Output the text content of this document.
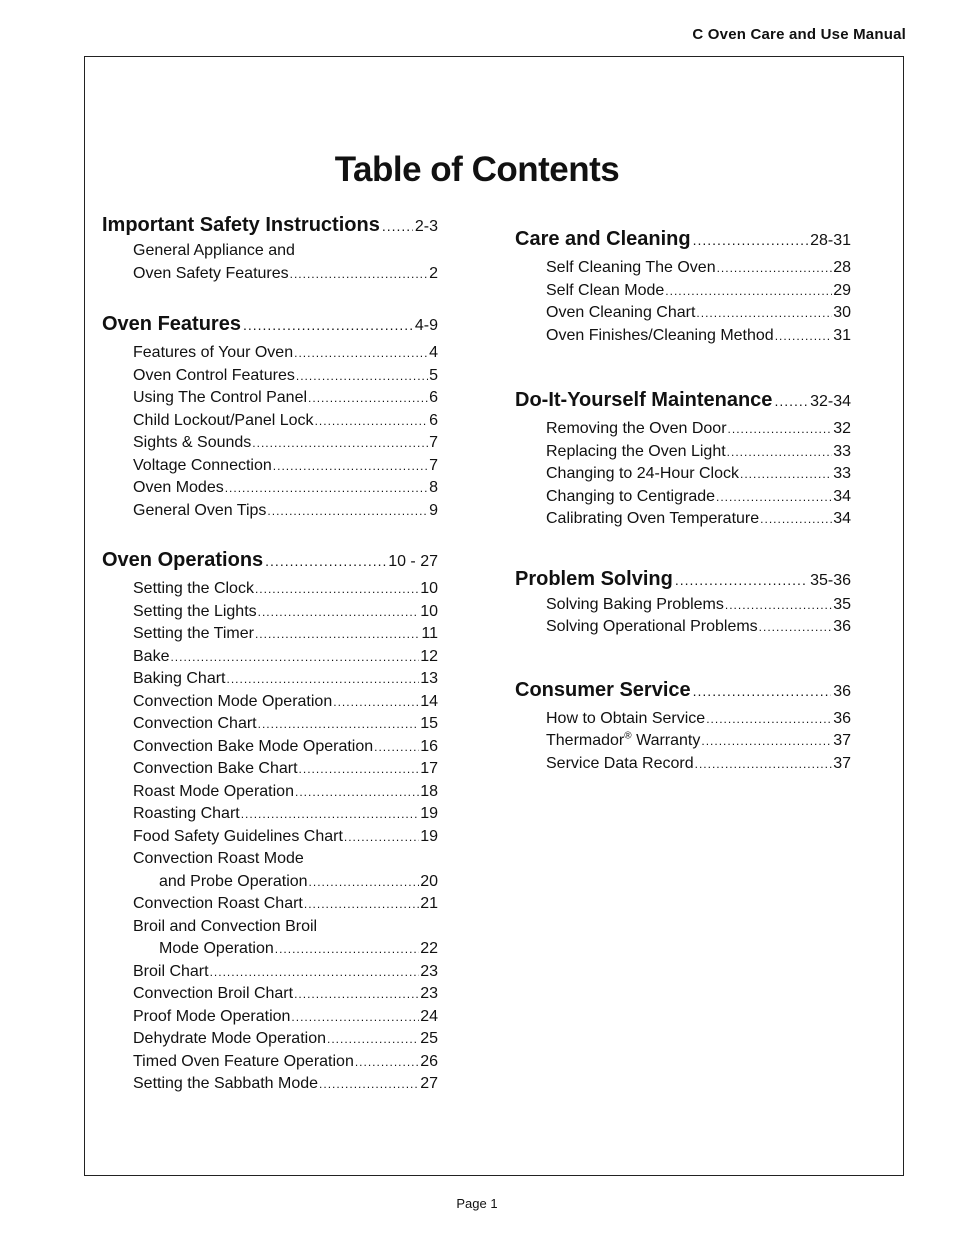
C Oven Care and Use Manual
Table of Contents
Important Safety Instructions ..... 2-3
General Appliance and
Oven Safety Features .....	2
Oven Features .....	4-9
Features of Your Oven .....	4
Oven Control Features .....	5
Using The Control Panel .....	6
Child Lockout/Panel Lock .....	6
Sights & Sounds .....	7
Voltage Connection .....	7
Oven Modes .....	8
General Oven Tips .....	9
Oven Operations .....	10 - 27
Setting the Clock .....	10
Setting the Lights .....	10
Setting the Timer .....	11
Bake .....	12
Baking Chart .....	13
Convection Mode Operation .....	14
Convection Chart .....	15
Convection Bake Mode Operation .....	16
Convection Bake Chart .....	17
Roast Mode Operation .....	18
Roasting Chart .....	19
Food Safety Guidelines Chart .....	19
Convection Roast Mode
and Probe Operation .....	20
Convection Roast Chart .....	21
Broil and Convection Broil
Mode Operation .....	22
Broil Chart .....	23
Convection Broil Chart .....	23
Proof Mode Operation .....	24
Dehydrate Mode Operation .....	25
Timed Oven Feature Operation .....	26
Setting the Sabbath Mode .....	27
Care and Cleaning .....	28-31
Self Cleaning The Oven .....	28
Self Clean Mode .....	29
Oven Cleaning Chart .....	30
Oven Finishes/Cleaning Method .....	31
Do-It-Yourself Maintenance ..... 32-34
Removing the Oven Door .....	32
Replacing the Oven Light .....	33
Changing to 24-Hour Clock .....	33
Changing to Centigrade .....	34
Calibrating Oven Temperature .....	34
Problem Solving .....	35-36
Solving Baking Problems .....	35
Solving Operational Problems .....	36
Consumer Service .....	36
How to Obtain Service .....	36
Thermador® Warranty .....	37
Service Data Record .....	37
Page 1
